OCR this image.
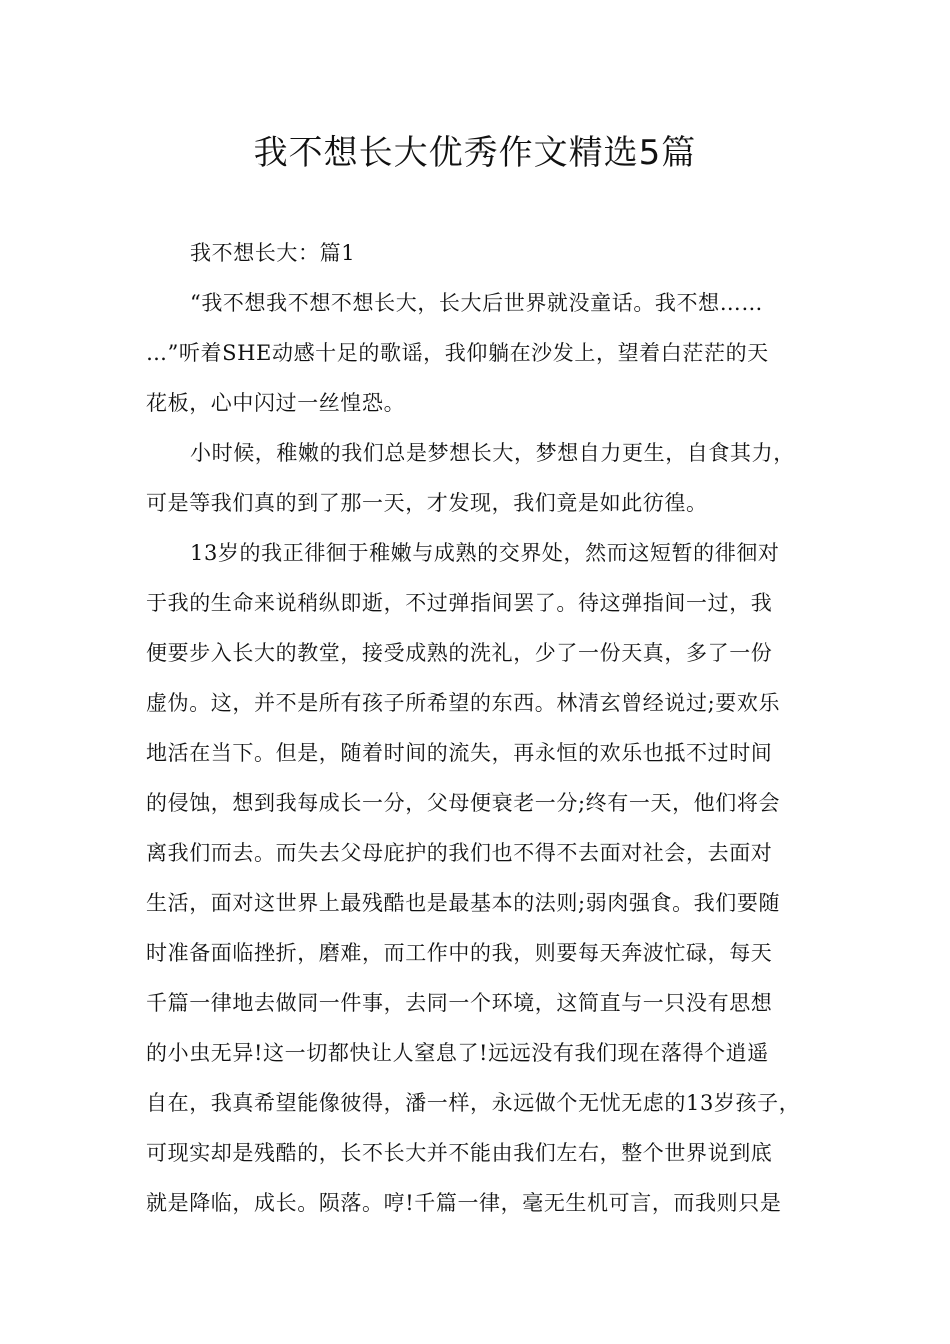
我不想长大优秀作文精选5篇
我不想长大：篇1
“我不想我不想不想长大，长大后世界就没童话。我不想……
…”听着SHE动感十足的歌谣，我仰躺在沙发上，望着白茫茫的天
花板，心中闪过一丝惶恐。
小时候，稚嫩的我们总是梦想长大，梦想自力更生，自食其力，
可是等我们真的到了那一天，才发现，我们竟是如此彷徨。
13岁的我正徘徊于稚嫩与成熟的交界处，然而这短暂的徘徊对
于我的生命来说稍纵即逝，不过弹指间罢了。待这弹指间一过，我
便要步入长大的教堂，接受成熟的洗礼，少了一份天真，多了一份
虚伪。这，并不是所有孩子所希望的东西。林清玄曾经说过;要欢乐
地活在当下。但是，随着时间的流失，再永恒的欢乐也抵不过时间
的侵蚀，想到我每成长一分，父母便衰老一分;终有一天，他们将会
离我们而去。而失去父母庇护的我们也不得不去面对社会，去面对
生活，面对这世界上最残酷也是最基本的法则;弱肉强食。我们要随
时准备面临挫折，磨难，而工作中的我，则要每天奔波忙碌，每天
千篇一律地去做同一件事，去同一个环境，这简直与一只没有思想
的小虫无异!这一切都快让人窒息了!远远没有我们现在落得个逍遥
自在，我真希望能像彼得，潘一样，永远做个无忧无虑的13岁孩子，
可现实却是残酷的，长不长大并不能由我们左右，整个世界说到底
就是降临，成长。陨落。哼!千篇一律，毫无生机可言，而我则只是
